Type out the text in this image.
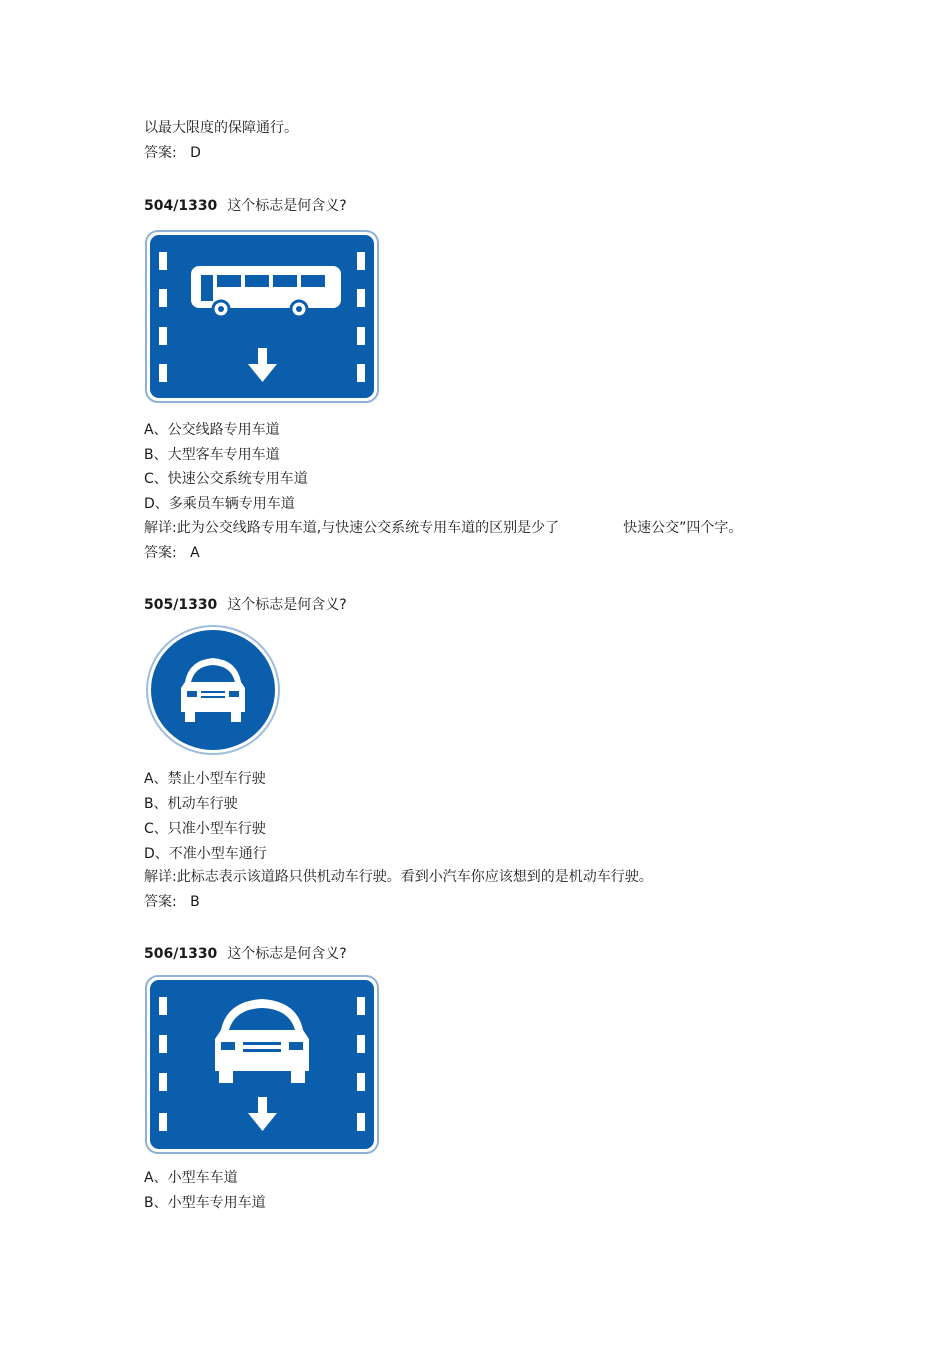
以最大限度的保障通行。
答案: D
504/1330 这个标志是何含义?
A、公交线路专用车道
B、大型客车专用车道
C、快速公交系统专用车道
D、多乘员车辆专用车道
解详:此为公交线路专用车道,与快速公交系统专用车道的区别是少了	快速公交”四个字。
答案: A
505/1330 这个标志是何含义?
A、禁止小型车行驶
B、机动车行驶
C、只准小型车行驶
D、不准小型车通行
解详:此标志表示该道路只供机动车行驶。看到小汽车你应该想到的是机动车行驶。
答案: B
506/1330 这个标志是何含义?
A、小型车车道
B、小型车专用车道
